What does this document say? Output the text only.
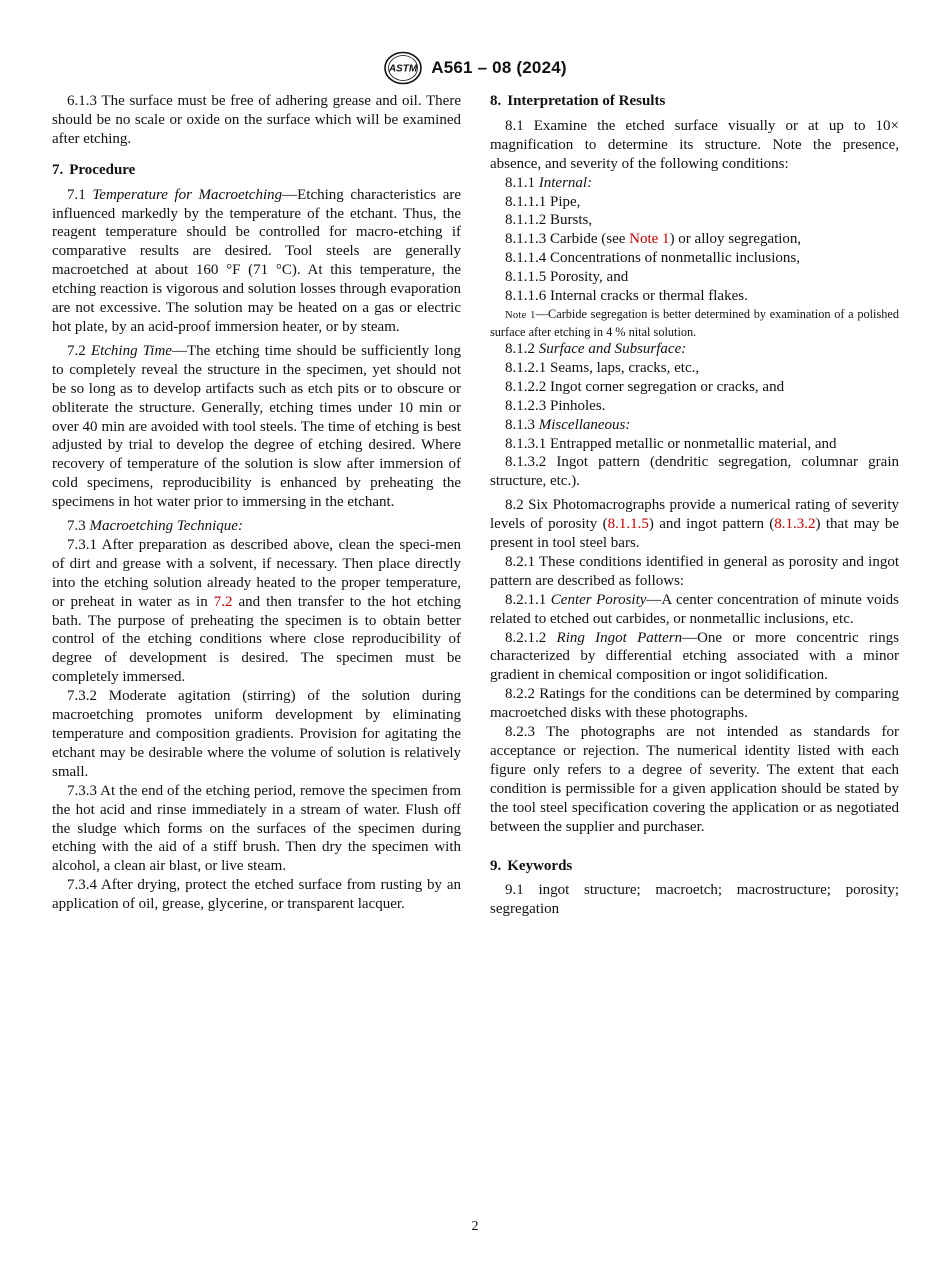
ASTM A561 – 08 (2024)

6.1.3 The surface must be free of adhering grease and oil. There should be no scale or oxide on the surface which will be examined after etching.

7. Procedure

7.1 Temperature for Macroetching—Etching characteristics are influenced markedly by the temperature of the etchant. Thus, the reagent temperature should be controlled for macro-etching if comparative results are desired. Tool steels are generally macroetched at about 160 °F (71 °C). At this temperature, the etching reaction is vigorous and solution losses through evaporation are not excessive. The solution may be heated on a gas or electric hot plate, by an acid-proof immersion heater, or by steam.

7.2 Etching Time—The etching time should be sufficiently long to completely reveal the structure in the specimen, yet should not be so long as to develop artifacts such as etch pits or to obscure or obliterate the structure. Generally, etching times under 10 min or over 40 min are avoided with tool steels. The time of etching is best adjusted by trial to develop the degree of etching desired. Where recovery of temperature of the solution is slow after immersion of cold specimens, reproducibility is enhanced by preheating the specimens in hot water prior to immersing in the etchant.

7.3 Macroetching Technique:

7.3.1 After preparation as described above, clean the speci-men of dirt and grease with a solvent, if necessary. Then place directly into the etching solution already heated to the proper temperature, or preheat in water as in 7.2 and then transfer to the hot etching bath. The purpose of preheating the specimen is to obtain better control of the etching conditions where close reproducibility of degree of development is desired. The specimen must be completely immersed.

7.3.2 Moderate agitation (stirring) of the solution during macroetching promotes uniform development by eliminating temperature and composition gradients. Provision for agitating the etchant may be desirable where the volume of solution is relatively small.

7.3.3 At the end of the etching period, remove the specimen from the hot acid and rinse immediately in a stream of water. Flush off the sludge which forms on the surfaces of the specimen during etching with the aid of a stiff brush. Then dry the specimen with alcohol, a clean air blast, or live steam.

7.3.4 After drying, protect the etched surface from rusting by an application of oil, grease, glycerine, or transparent lacquer.

8. Interpretation of Results

8.1 Examine the etched surface visually or at up to 10× magnification to determine its structure. Note the presence, absence, and severity of the following conditions:

8.1.1 Internal:
8.1.1.1 Pipe,
8.1.1.2 Bursts,
8.1.1.3 Carbide (see Note 1) or alloy segregation,
8.1.1.4 Concentrations of nonmetallic inclusions,
8.1.1.5 Porosity, and
8.1.1.6 Internal cracks or thermal flakes.

Note 1—Carbide segregation is better determined by examination of a polished surface after etching in 4 % nital solution.

8.1.2 Surface and Subsurface:
8.1.2.1 Seams, laps, cracks, etc.,
8.1.2.2 Ingot corner segregation or cracks, and
8.1.2.3 Pinholes.
8.1.3 Miscellaneous:
8.1.3.1 Entrapped metallic or nonmetallic material, and

8.1.3.2 Ingot pattern (dendritic segregation, columnar grain structure, etc.).

8.2 Six Photomacrographs provide a numerical rating of severity levels of porosity (8.1.1.5) and ingot pattern (8.1.3.2) that may be present in tool steel bars.

8.2.1 These conditions identified in general as porosity and ingot pattern are described as follows:

8.2.1.1 Center Porosity—A center concentration of minute voids related to etched out carbides, or nonmetallic inclusions, etc.

8.2.1.2 Ring Ingot Pattern—One or more concentric rings characterized by differential etching associated with a minor gradient in chemical composition or ingot solidification.

8.2.2 Ratings for the conditions can be determined by comparing macroetched disks with these photographs.

8.2.3 The photographs are not intended as standards for acceptance or rejection. The numerical identity listed with each figure only refers to a degree of severity. The extent that each condition is permissible for a given application should be stated by the tool steel specification covering the application or as negotiated between the supplier and purchaser.

9. Keywords

9.1 ingot structure; macroetch; macrostructure; porosity; segregation

2
